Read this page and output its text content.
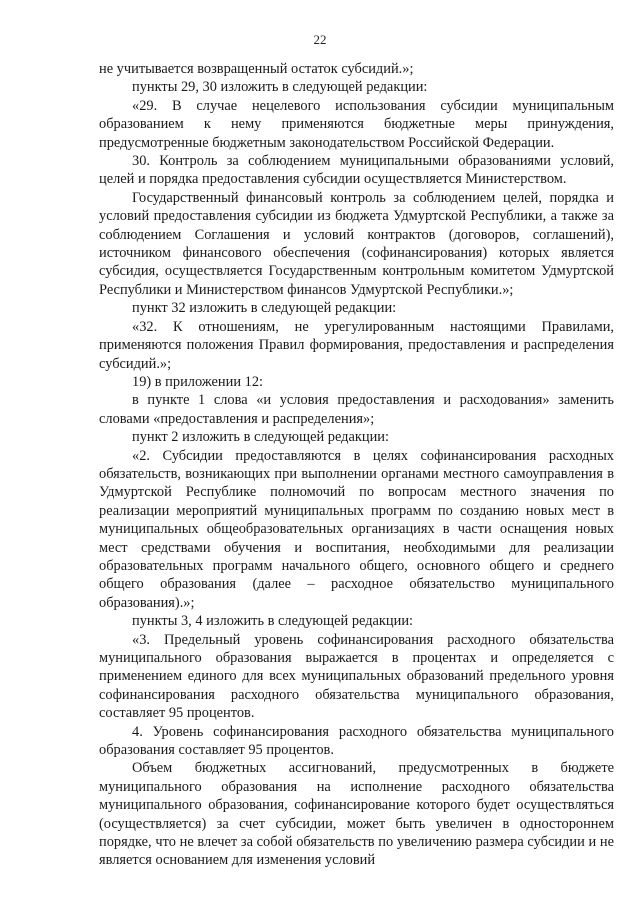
22

не учитывается возвращенный остаток субсидий.»;

пункты 29, 30 изложить в следующей редакции:

«29. В случае нецелевого использования субсидии муниципальным образованием к нему применяются бюджетные меры принуждения, предусмотренные бюджетным законодательством Российской Федерации.

30. Контроль за соблюдением муниципальными образованиями условий, целей и порядка предоставления субсидии осуществляется Министерством.

Государственный финансовый контроль за соблюдением целей, порядка и условий предоставления субсидии из бюджета Удмуртской Республики, а также за соблюдением Соглашения и условий контрактов (договоров, соглашений), источником финансового обеспечения (софинансирования) которых является субсидия, осуществляется Государственным контрольным комитетом Удмуртской Республики и Министерством финансов Удмуртской Республики.»;

пункт 32 изложить в следующей редакции:

«32. К отношениям, не урегулированным настоящими Правилами, применяются положения Правил формирования, предоставления и распределения субсидий.»;

19) в приложении 12:

в пункте 1 слова «и условия предоставления и расходования» заменить словами «предоставления и распределения»;

пункт 2 изложить в следующей редакции:

«2. Субсидии предоставляются в целях софинансирования расходных обязательств, возникающих при выполнении органами местного самоуправления в Удмуртской Республике полномочий по вопросам местного значения по реализации мероприятий муниципальных программ по созданию новых мест в муниципальных общеобразовательных организациях в части оснащения новых мест средствами обучения и воспитания, необходимыми для реализации образовательных программ начального общего, основного общего и среднего общего образования (далее – расходное обязательство муниципального образования).»;

пункты 3, 4 изложить в следующей редакции:

«3. Предельный уровень софинансирования расходного обязательства муниципального образования выражается в процентах и определяется с применением единого для всех муниципальных образований предельного уровня софинансирования расходного обязательства муниципального образования, составляет 95 процентов.

4. Уровень софинансирования расходного обязательства муниципального образования составляет 95 процентов.

Объем бюджетных ассигнований, предусмотренных в бюджете муниципального образования на исполнение расходного обязательства муниципального образования, софинансирование которого будет осуществляться (осуществляется) за счет субсидии, может быть увеличен в одностороннем порядке, что не влечет за собой обязательств по увеличению размера субсидии и не является основанием для изменения условий
